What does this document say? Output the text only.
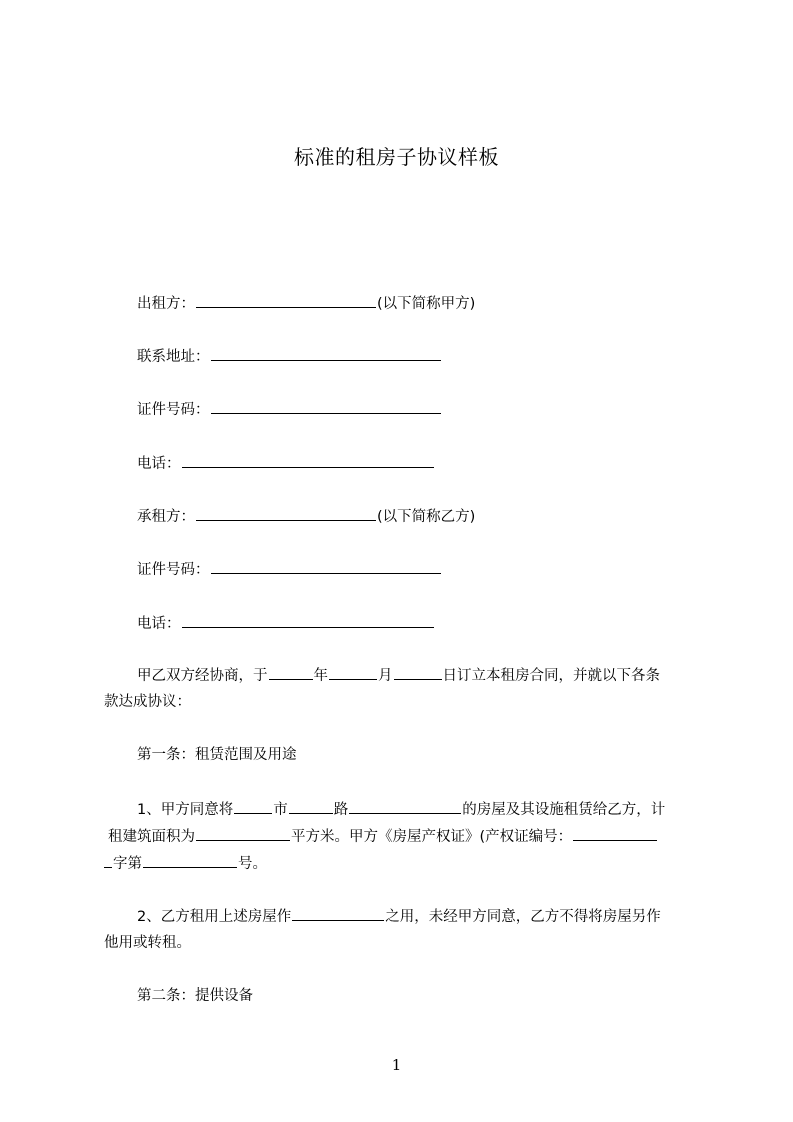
标准的租房子协议样板
出租方：	(以下简称甲方)
联系地址：
证件号码：
电话：
承租方：	(以下简称乙方)
证件号码：
电话：
甲乙双方经协商，于	年	月	日订立本租房合同，并就以下各条
款达成协议：
第一条：租赁范围及用途
1、甲方同意将	市	路	的房屋及其设施租赁给乙方，计
租建筑面积为	平方米。甲方《房屋产权证》(产权证编号：
字第	号。
2、乙方租用上述房屋作	之用，未经甲方同意，乙方不得将房屋另作
他用或转租。
第二条：提供设备
1
